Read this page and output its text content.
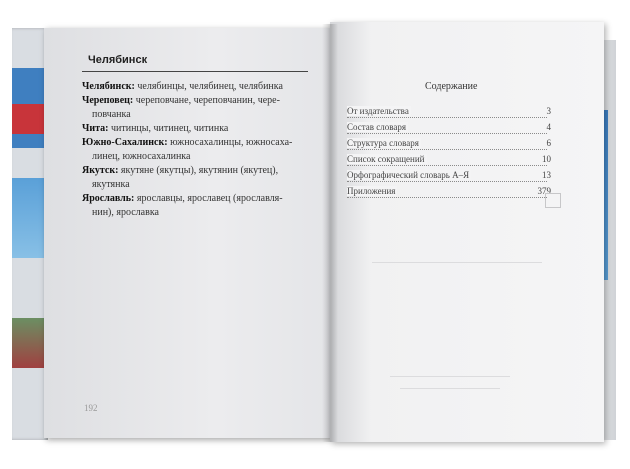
Челябинск
Челябинск: челябинцы, челябинец, челябинка
Череповец: череповчане, череповчанин, чере-
повчанка
Чита: читинцы, читинец, читинка
Южно-Сахалинск: южносахалинцы, южносаха-
линец, южносахалинка
Якутск: якутяне (якутцы), якутянин (якутец),
якутянка
Ярославль: ярославцы, ярославец (ярославля-
нин), ярославка
192
Содержание
От издательства	3
Состав словаря	4
Структура словаря	6
Список сокращений	10
Орфографический словарь А–Я	13
Приложения	379
